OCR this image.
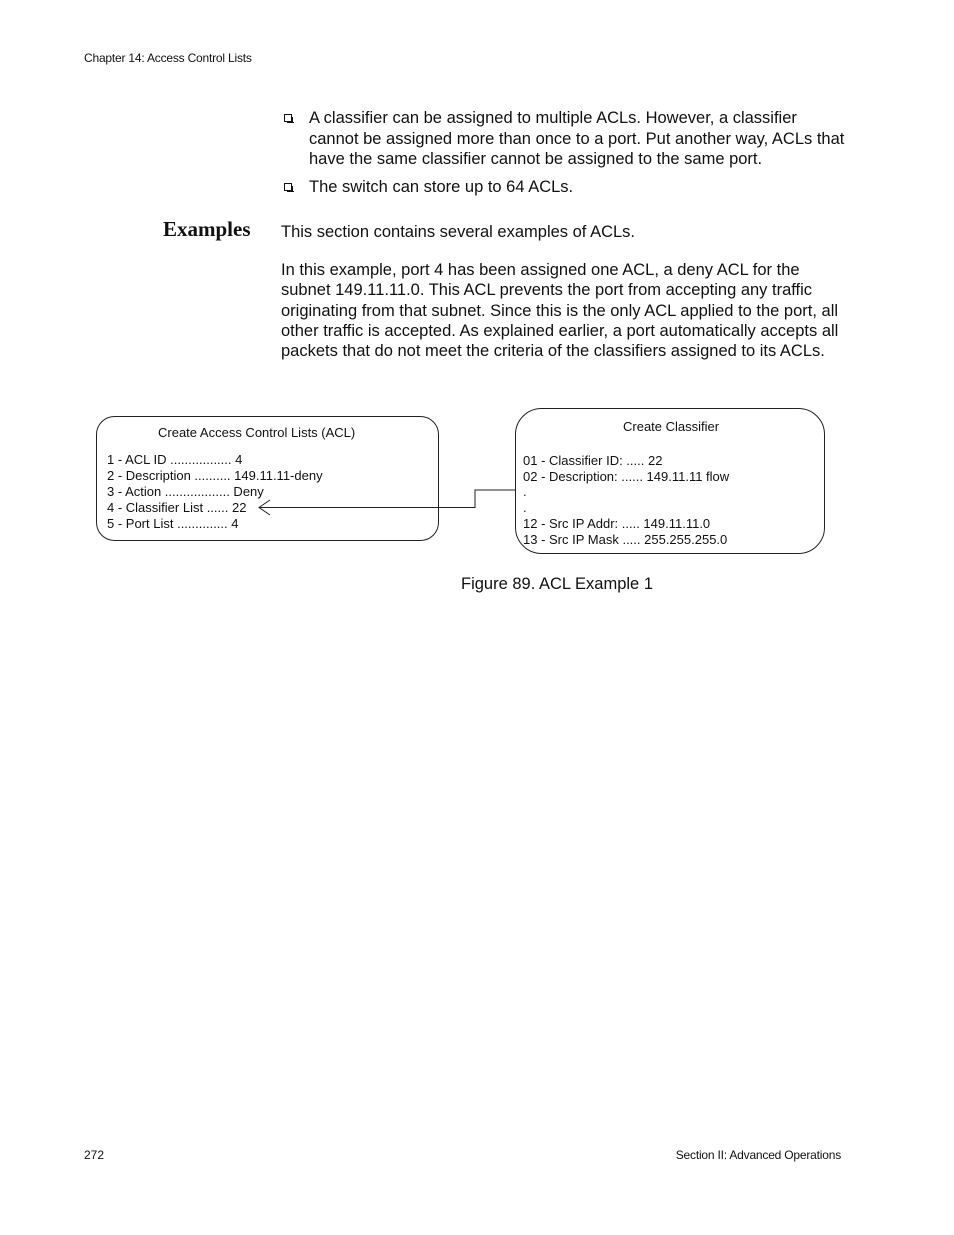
Chapter 14: Access Control Lists
A classifier can be assigned to multiple ACLs. However, a classifier cannot be assigned more than once to a port. Put another way, ACLs that have the same classifier cannot be assigned to the same port.
The switch can store up to 64 ACLs.
Examples This section contains several examples of ACLs.
In this example, port 4 has been assigned one ACL, a deny ACL for the subnet 149.11.11.0. This ACL prevents the port from accepting any traffic originating from that subnet. Since this is the only ACL applied to the port, all other traffic is accepted. As explained earlier, a port automatically accepts all packets that do not meet the criteria of the classifiers assigned to its ACLs.
Create Access Control Lists (ACL)
1 - ACL ID ................. 4
2 - Description .......... 149.11.11-deny
3 - Action .................. Deny
4 - Classifier List ...... 22
5 - Port List .............. 4
Create Classifier
01 - Classifier ID: ..... 22
02 - Description: ...... 149.11.11 flow
.
.
12 - Src IP Addr: ..... 149.11.11.0
13 - Src IP Mask ..... 255.255.255.0
Figure 89. ACL Example 1
272	Section II: Advanced Operations
